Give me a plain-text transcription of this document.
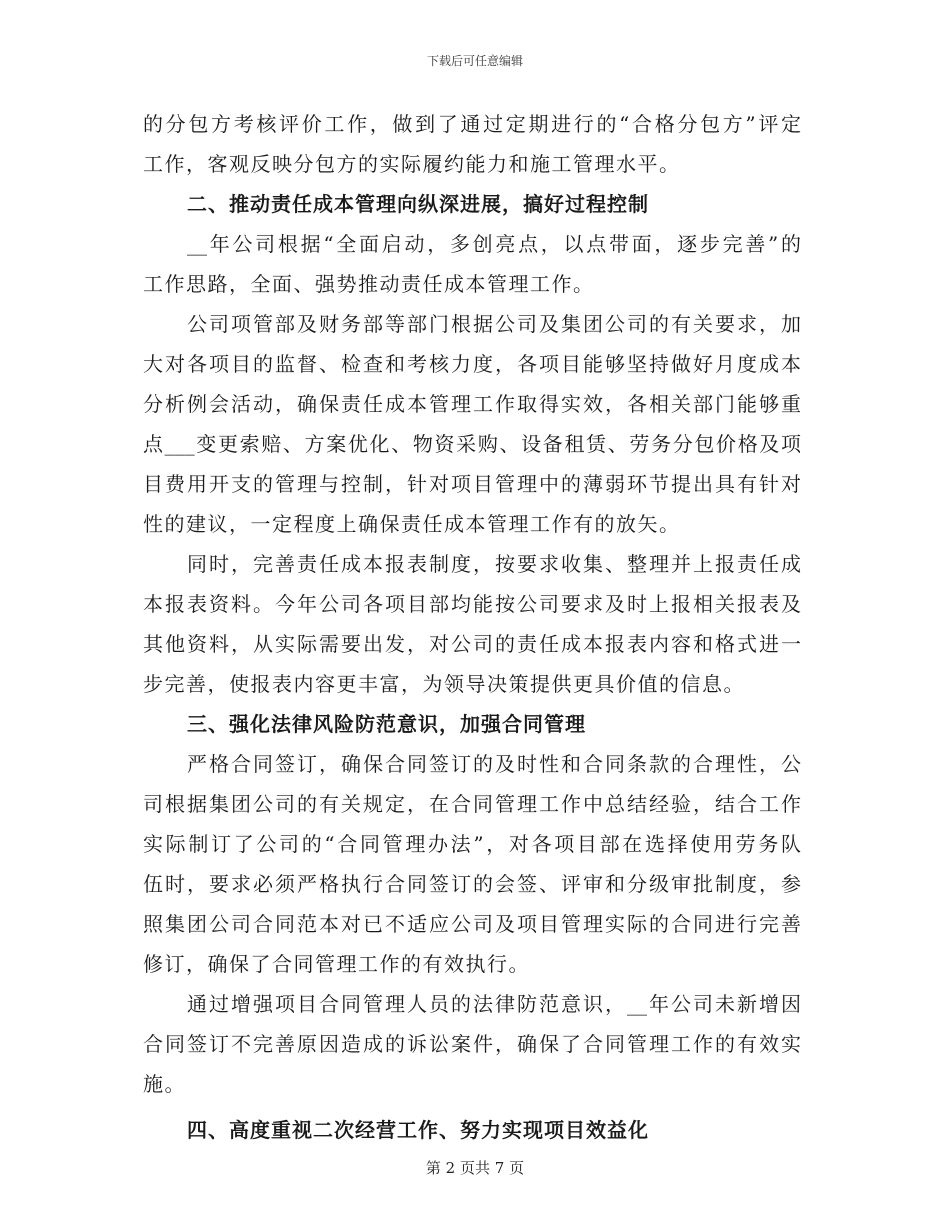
下载后可任意编辑
的分包方考核评价工作，做到了通过定期进行的“合格分包方”评定
工作，客观反映分包方的实际履约能力和施工管理水平。
二、推动责任成本管理向纵深进展，搞好过程控制
__年公司根据“全面启动，多创亮点，以点带面，逐步完善”的
工作思路，全面、强势推动责任成本管理工作。
公司项管部及财务部等部门根据公司及集团公司的有关要求，加
大对各项目的监督、检查和考核力度，各项目能够坚持做好月度成本
分析例会活动，确保责任成本管理工作取得实效，各相关部门能够重
点___变更索赔、方案优化、物资采购、设备租赁、劳务分包价格及项
目费用开支的管理与控制，针对项目管理中的薄弱环节提出具有针对
性的建议，一定程度上确保责任成本管理工作有的放矢。
同时，完善责任成本报表制度，按要求收集、整理并上报责任成
本报表资料。今年公司各项目部均能按公司要求及时上报相关报表及
其他资料，从实际需要出发，对公司的责任成本报表内容和格式进一
步完善，使报表内容更丰富，为领导决策提供更具价值的信息。
三、强化法律风险防范意识，加强合同管理
严格合同签订，确保合同签订的及时性和合同条款的合理性，公
司根据集团公司的有关规定，在合同管理工作中总结经验，结合工作
实际制订了公司的“合同管理办法”，对各项目部在选择使用劳务队
伍时，要求必须严格执行合同签订的会签、评审和分级审批制度，参
照集团公司合同范本对已不适应公司及项目管理实际的合同进行完善
修订，确保了合同管理工作的有效执行。
通过增强项目合同管理人员的法律防范意识，__年公司未新增因
合同签订不完善原因造成的诉讼案件，确保了合同管理工作的有效实
施。
四、高度重视二次经营工作、努力实现项目效益化
第 2 页共 7 页
